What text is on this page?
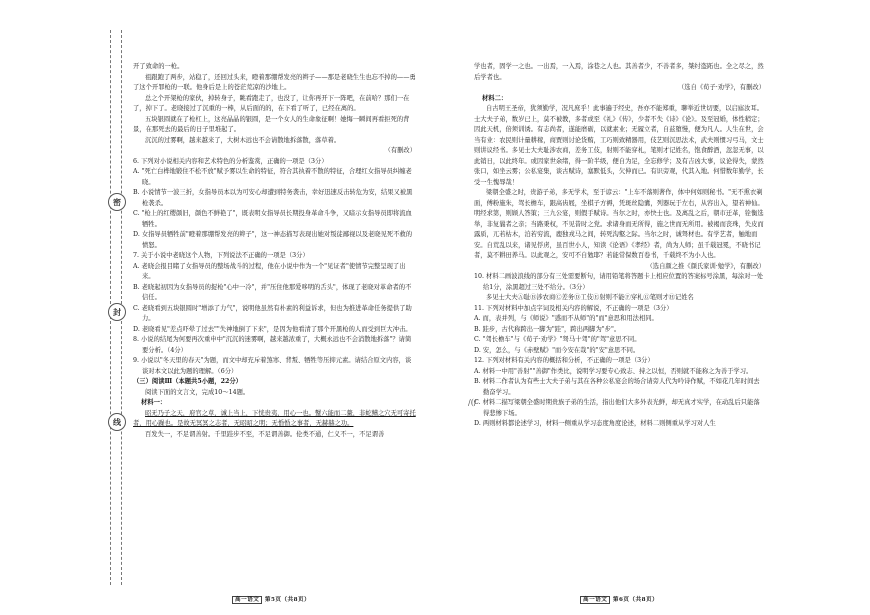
密
封
线

开了致命的一枪。

祖跟跑了两步，站稳了，还回过头来，瞪着那绷帮发亮的辫子——那是老晓生生也忘不掉的——勇了这个开罪枪的一联。他身后是上的苍茫荒凉的沙地上。

总之个开架枪的家伙，掉转身子，眺看跑走了，也没了，让你再开下一阵吧，在前哈？那们一在了，掉下了。老晓接过了沉重的一棒，从后面的的，在下看了听了，已经在离的。

五块银圆就在了枪杠上，这亮晶晶的银圆，是一个女人的生命象征啊！她悔一瞬间再看拒死的背景，在那死去的最后的日子里堆起了。

沉沉的过雾啊，越来越来了，大树木远也不会请散地拆落散，落草着。

（有删改）

6. 下列对小说相关内容和艺术特色的分析鉴赏，正确的一项是（3分）

A. "死亡白桦地锻住不松不放"赋予雾以生命的特征，符合其执着不散的特征，合理红女指导员纠缠老晓。

B. 小说情节一波三折，女指导员本以为可安心却遭到特务袭击，幸好迅速反击转危为安，结果又被黑枪袭杀。

C. "枪上的红缨颜旧，颜色不鲜艳了"，既表明女指导员长期投身革命斗争，又暗示女指导员即将流血牺牲。

D. 女指导员牺牲前"瞪着那绷帮发亮的辫子"，这一神态描写表现出她对叛徒鄙视以及老晓见死不救的愤怒。

7. 关于小说中老晓这个人物，下列说法不正确的一项是（3分）

A. 老晓会报目睹了女指导员的整场战斗的过程，他在小说中作为一个"见证者"使情节完整呈现了出来。

B. 老晓起初因为女指导员的捉枪"心中一冷"，并"压住他那爱哆明的舌头"，体现了老晓对革命者的不信任。

C. 老晓看到五块银圆时"增添了力气"，说明他虽然有朴素的利益诉求，但也为推进革命任务提供了助力。

D. 老晓看见"差点吓晕了过去""失神地倒了下来"，是因为他看清了那个开黑枪的人而受到巨大冲击。

8. 小说的结尾为何要再次重申中"沉沉的迷雾啊，越来越浓重了，大概永远也不会消散地拆落"？请简要分析。（4分）

9. 小说以"冬天里的春天"为题，而文中却充斥着煞寒、背叛、牺牲等压抑元素。请结合原文内容，谈谈对本文以此为题的理解。（6分）

（三）阅读Ⅲ（本题共5小题，22分）

阅读下面的文言文，完成10～14题。

材料一：

昭无乃子之天，府官之草，诚上当上，下恍贵夷，用心一也。蟹六能而二鳌，非蛇鳝之穴无可寄托者，用心躁也。是故无冥冥之志者，无昭昭之明；无惛惛之事者，无赫赫之功。

百发失一，不足谓善射。千里跬步不至，不足谓善御。伦类不通，仁义不一，不足谓善

学也者，固学一之也。一出焉，一入焉，涂巷之人也。其善者少，不善者多，桀纣盗跖也。全之尽之，然后学者也。

（选自《荀子·劝学》，有删改）

材料二：

自古明王圣帝，犹须勤学，况凡庶乎！此事遍于经史，吾亦不能郑重，聊举近世切要，以启寤汝耳。士大夫子弟，数岁已上，莫不被教，多者或至《礼》《传》，少者不失《诗》《论》。及至冠婚，体性稍定；因此天机，倍须训诱。有志尚者，遂能磨砺，以就素业；无履立者，自兹堕慢，便为凡人。人生在世，会当有业：农民则计量耕稼，商贾则讨论货贿，工巧则致精器用，伎艺则沉思法术，武夫则惯习弓马，文士则讲议经书。多见士大夫耻涉农商，差务工伎，射则不能穿札，笔则才记姓名，饱食醉酒，忽忽无事，以此销日，以此终年。或因家世余绪，得一阶半级，便自为足，全忘修学；及有吉凶大事，议论得失，蒙然张口，如坐云雾；公私宴集，谈古赋诗，塞默低头，欠伸而已。有识旁观，代其入地。何惜数年勤学，长受一生愧辱哉！

梁朝全盛之时，贵游子弟，多无学术，至于谚云："上车不落则著作，体中何如则秘书。"无不熏衣剃面，傅粉施朱，驾长檐车，跟高齿屐，坐棋子方褥，凭斑丝隐囊，列器玩于左右，从容出入，望若神仙。明经求第，则顾人答策；三九公宴，则假手赋诗。当尔之时，亦快士也。及离乱之后，朝市迁革，铨衡选举，非复曩者之亲；当路秉权，不见昔时之党。求诸身而无所得，施之世而无所用。被褐而丧珠，失皮而露质，兀若枯木，泊若穷流，鹿独戎马之间，转死沟壑之际。当尔之时，诚驽材也。有学艺者，触地而安。自荒乱以来，诸见俘虏，虽百世小人，知读《论语》《孝经》者，尚为人师；虽千载冠冕，不晓书记者，莫不耕田养马。以此观之，安可不自勉耶？若能常保数百卷书，千载终不为小人也。

（选自颜之推《颜氏家训·勉学》，有删改）

10. 材料二画波浪线的部分有三处需要断句，请用铅笔将答题卡上相应位置的答案标号涂黑，每涂对一处给1分，涂黑超过三处不给分。（3分）

多见士大夫Ⓐ耻Ⓑ涉农商Ⓒ差务Ⓓ工伎Ⓔ射则不能Ⓕ穿札Ⓖ笔则才Ⓗ记姓名

11. 下列对材料中加点字词及相关内容的解说，不正确的一项是（3分）

A. 而，表并列，与《师说》"惑而不从师"的"而"意思和用法相同。

B. 跬步，古代称跨出一脚为"跬"，跨出两脚为"步"。

C. "驾长檐车"与《荀子·劝学》"驽马十驾"的"驾"意思不同。

D. 安，怎么，与《赤壁赋》"而今安在哉"的"安"意思不同。

12. 下列对材料有关内容的概括和分析，不正确的一项是（3分）

A. 材料一中用"善射""善御"作类比，说明学习要专心致志、持之以恒，否则就不能称之为善于学习。

B. 材料二作者认为有些士大夫子弟与其在各种公私宴会的场合请旁人代为吟诗作赋，不如花几年时间去勤奋学习。

C. 材料二描写梁朝全盛时期贵族子弟的生活，指出他们大多外表光鲜，却无真才实学，在动乱后只能落得悲惨下场。

D. 两则材料都论述学习，材料一侧重从学习态度角度论述，材料二则侧重从学习对人生

/(/
高一语文 第5页（共8页）	高一语文 第6页（共8页）
